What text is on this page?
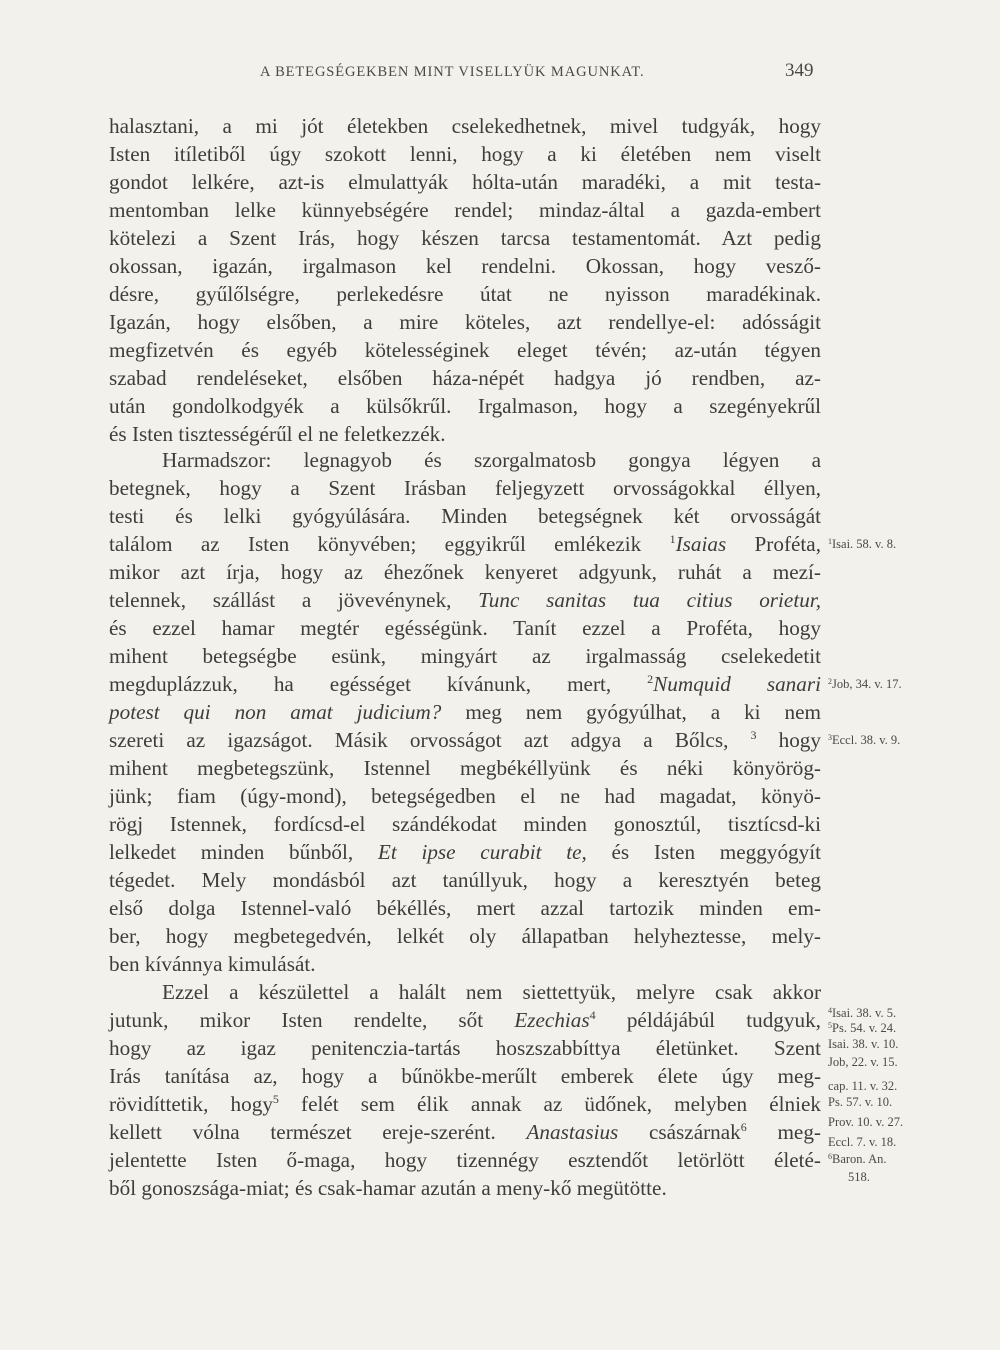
A BETEGSÉGEKBEN MINT VISELLYÜK MAGUNKAT.	349
halasztani, a mi jót életekben cselekedhetnek, mivel tudgyák, hogy
Isten itíletiből úgy szokott lenni, hogy a ki életében nem viselt
gondot lelkére, azt-is elmulattyák hólta-után maradéki, a mit testa-
mentomban lelke künnyebségére rendel; mindaz-által a gazda-embert
kötelezi a Szent Irás, hogy készen tarcsa testamentomát. Azt pedig
okossan, igazán, irgalmason kel rendelni. Okossan, hogy vesző-
désre, gyűlőlségre, perlekedésre útat ne nyisson maradékinak.
Igazán, hogy elsőben, a mire köteles, azt rendellye-el: adósságit
megfizetvén és egyéb kötelességinek eleget tévén; az-után tégyen
szabad rendeléseket, elsőben háza-népét hadgya jó rendben, az-
után gondolkodgyék a külsőkrűl. Irgalmason, hogy a szegényekrűl
és Isten tisztességérűl el ne feletkezzék.
Harmadszor: legnagyob és szorgalmatosb gongya légyen a
betegnek, hogy a Szent Irásban feljegyzett orvosságokkal éllyen,
testi és lelki gyógyúlására. Minden betegségnek két orvosságát
találom az Isten könyvében; eggyikrűl emlékezik $^1$Isaias Proféta,
mikor azt írja, hogy az éhezőnek kenyeret adgyunk, ruhát a mezí-
telennek, szállást a jövevénynek, Tunc sanitas tua citius orietur,
és ezzel hamar megtér egésségünk. Tanít ezzel a Proféta, hogy
mihent betegségbe esünk, mingyárt az irgalmasság cselekedetit
megduplázzuk, ha egésséget kívánunk, mert, $^2$Numquid sanari
potest qui non amat judicium? meg nem gyógyúlhat, a ki nem
szereti az igazságot. Másik orvosságot azt adgya a Bőlcs, $^3$ hogy
mihent megbetegszünk, Istennel megbékéllyünk és néki könyörög-
jünk; fiam (úgy-mond), betegségedben el ne had magadat, könyö-
rögj Istennek, fordícsd-el szándékodat minden gonosztúl, tisztícsd-ki
lelkedet minden bűnből, Et ipse curabit te, és Isten meggyógyít
tégedet. Mely mondásból azt tanúllyuk, hogy a keresztyén beteg
első dolga Istennel-való békéllés, mert azzal tartozik minden em-
ber, hogy megbetegedvén, lelkét oly állapatban helyheztesse, mely-
ben kívánnya kimulását.
Ezzel a készülettel a halált nem siettettyük, melyre csak akkor
jutunk, mikor Isten rendelte, sőt Ezechias$^4$ példájábúl tudgyuk,
hogy az igaz penitenczia-tartás hoszszabbíttya életünket. Szent
Irás tanítása az, hogy a bűnökbe-merűlt emberek élete úgy meg-
rövidíttetik, hogy$^5$ felét sem élik annak az üdőnek, melyben élniek
kellett vólna természet ereje-szerént. Anastasius császárnak$^6$ meg-
jelentette Isten ő-maga, hogy tizennégy esztendőt letörlött életé-
ből gonoszsága-miat; és csak-hamar azután a meny-kő megütötte.
$^1$Isai. 58. v. 8.
$^2$Job, 34. v. 17.
$^3$Eccl. 38. v. 9.
$^4$Isai. 38. v. 5.
$^5$Ps. 54. v. 24.
Isai. 38. v. 10.
Job, 22. v. 15.
cap. 11. v. 32.
Ps. 57. v. 10.
Prov. 10. v. 27.
Eccl. 7. v. 18.
$^6$Baron. An.
518.
